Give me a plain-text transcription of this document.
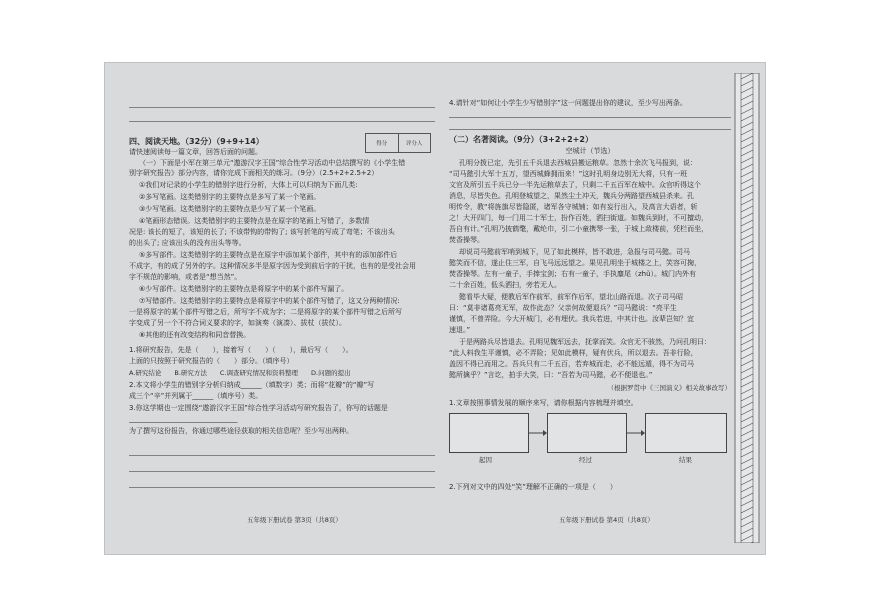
四、阅读天地。（32分）（9+9+14）	得分	评分人
请快速阅读每一篇文章，回答后面的问题。
（一）下面是小军在第三单元“遨游汉字王国”综合性学习活动中总结撰写的《小学生错
别字研究报告》部分内容，请你完成下面相关的练习。（9分）（2.5+2+2.5+2）
①我们对记录的小学生的错别字进行分析，大体上可以归纳为下面几类:
②多写笔画。这类错别字的主要特点是多写了某一个笔画。
③少写笔画。这类错别字的主要特点是少写了某一个笔画。
④笔画形态错误。这类错别字的主要特点是在原字的笔画上写错了，多数情
况是: 该长的短了，该短的长了; 不该带钩的带钩了; 该写折笔的写成了弯笔；不该出头
的出头了; 应该出头的没有出头等等。
⑤多写部件。这类错别字的主要特点是在原字中添加某个部件，其中有的添加部件后
不成字，有的成了另外的字。这种情况多半是原字因为受到前后字的干扰，也有的是受社会用
字不规范的影响，或者是“想当然”。
⑥少写部件。这类错别字的主要特点是将原字中的某个部件写漏了。
⑦写错部件。这类错别字的主要特点是将原字中的某个部件写错了，这又分两种情况:
一是将原字的某个部件写错之后，所写字不成为字；二是将原字的某个部件写错之后所写
字变成了另一个不符合词义要求的字，如演奏（演凑）、拔杖（拔仗）。
⑧其他的还有改变结构和同音替换。
1.将研究报告，先是（　　），接着写（　　）（　　），最后写（　　）。
上面的只按照于研究报告的（　　）部分。（填序号）
A.研究结论　　B.研究方法　　C.调查研究情况和资料整理　　D.问题的提出
2.本文将小学生的错别字分析归纳成______（填数字）类；而将“花瓣”的“瓣”写
成三个“辛”并列属于______（填序号）类。
3.你这学期也一定围绕“遨游汉字王国”综合性学习活动写研究报告了，你写的话题是
_______________________________
为了撰写这份报告，你通过哪些途径获取的相关信息呢？至少写出两种。
五年级下册试卷 第3页（共8页）
4.请针对“如何让小学生少写错别字”这一问题提出你的建议，至少写出两条。
（二）名著阅读。（9分）（3+2+2+2）
空城计（节选）
孔明分拨已定，先引五千兵退去西城县搬运粮草。忽然十余次飞马报到，说：
“司马懿引大军十五万，望西城蜂拥而来！”这时孔明身边别无大将，只有一班
文官及所引五千兵已分一半先运粮草去了，只剩二千五百军在城中。众官听得这个
消息，尽皆失色。孔明登城望之，果然尘土冲天，魏兵分两路望西城县杀来。孔
明传令，教“将旌旗尽皆隐匿，诸军各守城铺；如有妄行出入，及高言大语者，斩
之！大开四门，每一门用二十军士，扮作百姓，洒扫街道。如魏兵到时，不可擅动，
吾自有计。”孔明乃披鹤氅，戴纶巾，引二小童携琴一张，于城上敌楼前，凭栏而坐，
焚香操琴。
却说司马懿前军哨到城下，见了如此模样，皆不敢进，急报与司马懿。司马
懿笑而不信，遂止住三军，自飞马远远望之。果见孔明坐于城楼之上，笑容可掬，
焚香操琴。左有一童子，手捧宝剑；右有一童子，手执麈尾（zhǔ）。城门内外有
二十余百姓，低头洒扫，旁若无人。
懿看毕大疑，便教后军作前军，前军作后军，望北山路而退。次子司马昭
曰：“莫非诸葛亮无军，故作此态？父亲何故便退兵？”司马懿说：“亮平生
谨慎，不曾弄险。今大开城门，必有埋伏。我兵若进，中其计也。汝辈岂知？宜
速退。”
于是两路兵尽皆退去。孔明见魏军远去，抚掌而笑。众官无不骇然，乃问孔明曰：
“此人料我生平谨慎，必不弄险；见如此模样，疑有伏兵，所以退去。吾非行险，
盖因不得已而用之。吾兵只有二千五百，若弃城而走，必不能远遁，得不为司马
懿所擒乎？”言讫，拍手大笑，曰：“吾若为司马懿，必不便退也。”
（根据罗贯中《三国演义》相关故事改写）
1.文章按照事情发展的顺序来写，请你根据内容梳理并填空。
起因	经过	结果
2.下列对文中的四处“笑”理解不正确的一项是（　　）
五年级下册试卷 第4页（共8页）
